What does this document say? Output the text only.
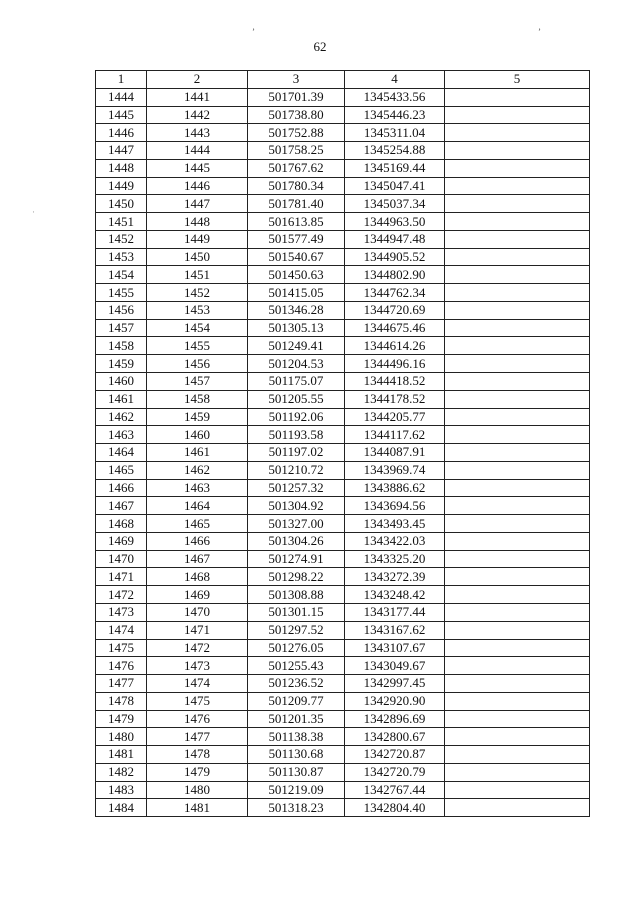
62
ʼ	ʼ
·
1	2	3	4	5
1444	1441	501701.39	1345433.56	
1445	1442	501738.80	1345446.23	
1446	1443	501752.88	1345311.04	
1447	1444	501758.25	1345254.88	
1448	1445	501767.62	1345169.44	
1449	1446	501780.34	1345047.41	
1450	1447	501781.40	1345037.34	
1451	1448	501613.85	1344963.50	
1452	1449	501577.49	1344947.48	
1453	1450	501540.67	1344905.52	
1454	1451	501450.63	1344802.90	
1455	1452	501415.05	1344762.34	
1456	1453	501346.28	1344720.69	
1457	1454	501305.13	1344675.46	
1458	1455	501249.41	1344614.26	
1459	1456	501204.53	1344496.16	
1460	1457	501175.07	1344418.52	
1461	1458	501205.55	1344178.52	
1462	1459	501192.06	1344205.77	
1463	1460	501193.58	1344117.62	
1464	1461	501197.02	1344087.91	
1465	1462	501210.72	1343969.74	
1466	1463	501257.32	1343886.62	
1467	1464	501304.92	1343694.56	
1468	1465	501327.00	1343493.45	
1469	1466	501304.26	1343422.03	
1470	1467	501274.91	1343325.20	
1471	1468	501298.22	1343272.39	
1472	1469	501308.88	1343248.42	
1473	1470	501301.15	1343177.44	
1474	1471	501297.52	1343167.62	
1475	1472	501276.05	1343107.67	
1476	1473	501255.43	1343049.67	
1477	1474	501236.52	1342997.45	
1478	1475	501209.77	1342920.90	
1479	1476	501201.35	1342896.69	
1480	1477	501138.38	1342800.67	
1481	1478	501130.68	1342720.87	
1482	1479	501130.87	1342720.79	
1483	1480	501219.09	1342767.44	
1484	1481	501318.23	1342804.40	
